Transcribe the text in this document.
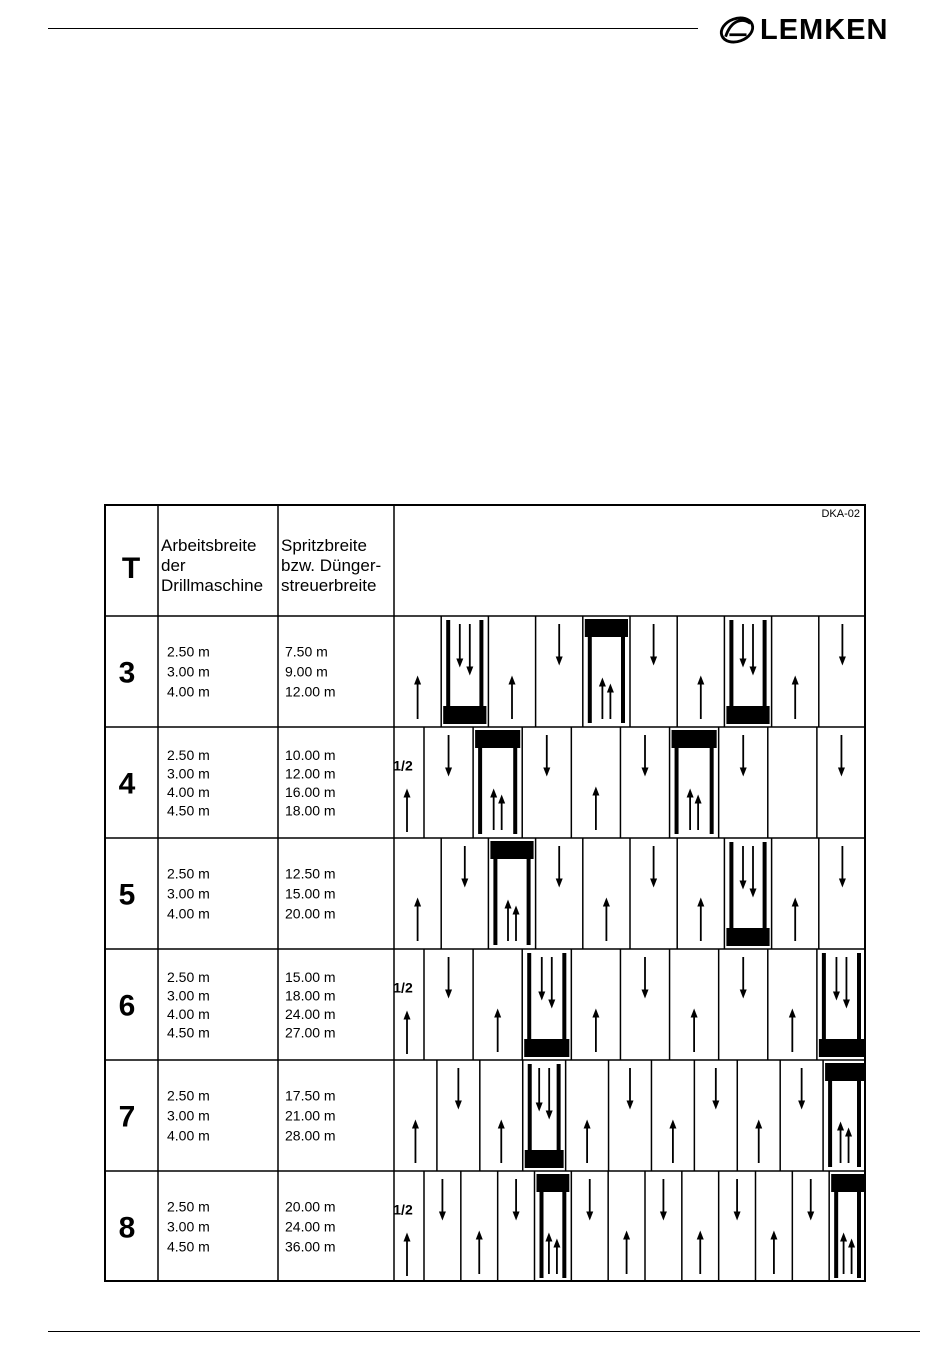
LEMKEN
T
Arbeitsbreite
der
Drillmaschine
Spritzbreite
bzw. Dünger-
streuerbreite
DKA-02
3
2.50 m
3.00 m
4.00 m
7.50 m
9.00 m
12.00 m
4
2.50 m
3.00 m
4.00 m
4.50 m
10.00 m
12.00 m
16.00 m
18.00 m
1/2
5
2.50 m
3.00 m
4.00 m
12.50 m
15.00 m
20.00 m
6
2.50 m
3.00 m
4.00 m
4.50 m
15.00 m
18.00 m
24.00 m
27.00 m
1/2
7
2.50 m
3.00 m
4.00 m
17.50 m
21.00 m
28.00 m
8
2.50 m
3.00 m
4.50 m
20.00 m
24.00 m
36.00 m
1/2
